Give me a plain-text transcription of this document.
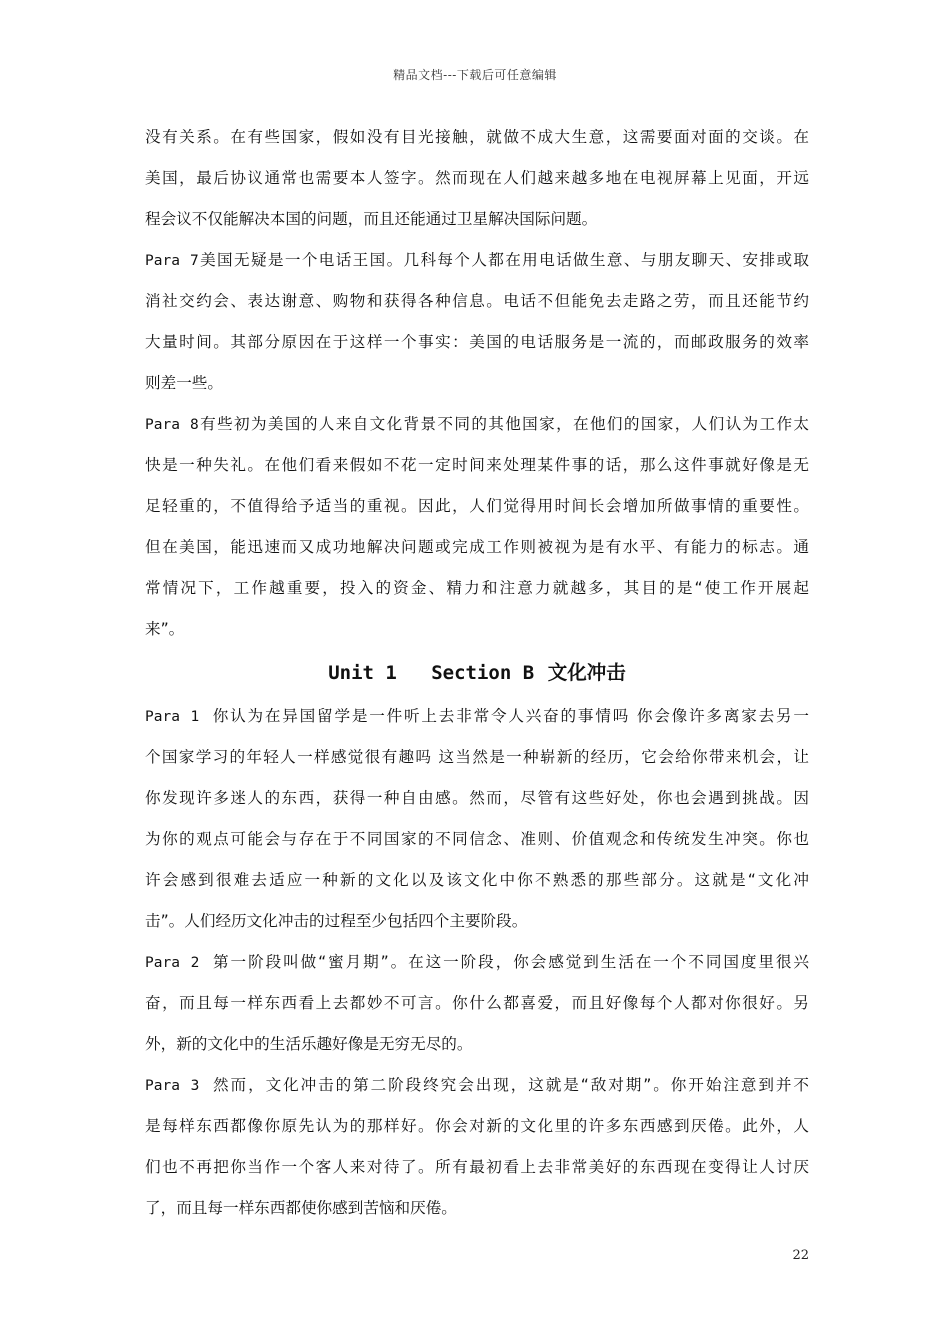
精品文档---下载后可任意编辑
没有关系。在有些国家，假如没有目光接触，就做不成大生意，这需要面对面的交谈。在
美国，最后协议通常也需要本人签字。然而现在人们越来越多地在电视屏幕上见面，开远
程会议不仅能解决本国的问题，而且还能通过卫星解决国际问题。
Para 7美国无疑是一个电话王国。几科每个人都在用电话做生意、与朋友聊天、安排或取
消社交约会、表达谢意、购物和获得各种信息。电话不但能免去走路之劳，而且还能节约
大量时间。其部分原因在于这样一个事实：美国的电话服务是一流的，而邮政服务的效率
则差一些。
Para 8有些初为美国的人来自文化背景不同的其他国家，在他们的国家，人们认为工作太
快是一种失礼。在他们看来假如不花一定时间来处理某件事的话，那么这件事就好像是无
足轻重的，不值得给予适当的重视。因此，人们觉得用时间长会增加所做事情的重要性。
但在美国，能迅速而又成功地解决问题或完成工作则被视为是有水平、有能力的标志。通
常情况下，工作越重要，投入的资金、精力和注意力就越多，其目的是“使工作开展起
来”。
Unit 1 Section B 文化冲击
Para 1 你认为在异国留学是一件听上去非常令人兴奋的事情吗 你会像许多离家去另一
个国家学习的年轻人一样感觉很有趣吗 这当然是一种崭新的经历，它会给你带来机会，让
你发现许多迷人的东西，获得一种自由感。然而，尽管有这些好处，你也会遇到挑战。因
为你的观点可能会与存在于不同国家的不同信念、准则、价值观念和传统发生冲突。你也
许会感到很难去适应一种新的文化以及该文化中你不熟悉的那些部分。这就是“文化冲
击”。人们经历文化冲击的过程至少包括四个主要阶段。
Para 2 第一阶段叫做“蜜月期”。在这一阶段，你会感觉到生活在一个不同国度里很兴
奋，而且每一样东西看上去都妙不可言。你什么都喜爱，而且好像每个人都对你很好。另
外，新的文化中的生活乐趣好像是无穷无尽的。
Para 3 然而，文化冲击的第二阶段终究会出现，这就是“敌对期”。你开始注意到并不
是每样东西都像你原先认为的那样好。你会对新的文化里的许多东西感到厌倦。此外，人
们也不再把你当作一个客人来对待了。所有最初看上去非常美好的东西现在变得让人讨厌
了，而且每一样东西都使你感到苦恼和厌倦。
22
